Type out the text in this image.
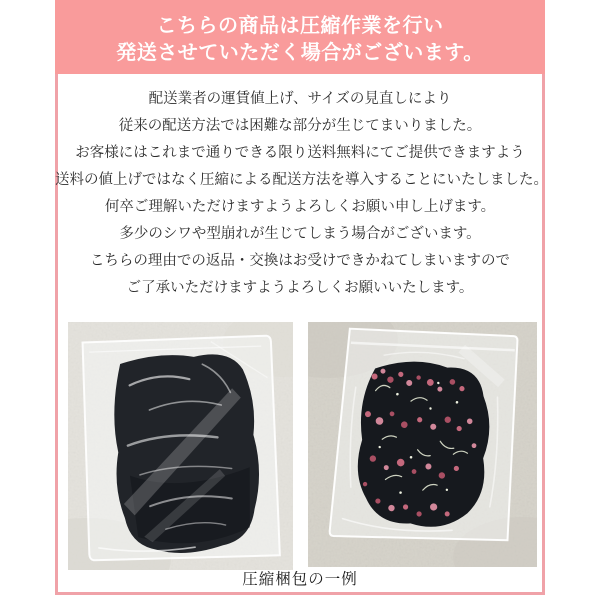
こちらの商品は圧縮作業を行い
発送させていただく場合がございます。

配送業者の運賃値上げ、サイズの見直しにより

従来の配送方法では困難な部分が生じてまいりました。

お客様にはこれまで通りできる限り送料無料にてご提供できますよう

送料の値上げではなく圧縮による配送方法を導入することにいたしました。

何卒ご理解いただけますようよろしくお願い申し上げます。

多少のシワや型崩れが生じてしまう場合がございます。

こちらの理由での返品・交換はお受けできかねてしまいますので

ご了承いただけますようよろしくお願いいたします。

圧縮梱包の一例
